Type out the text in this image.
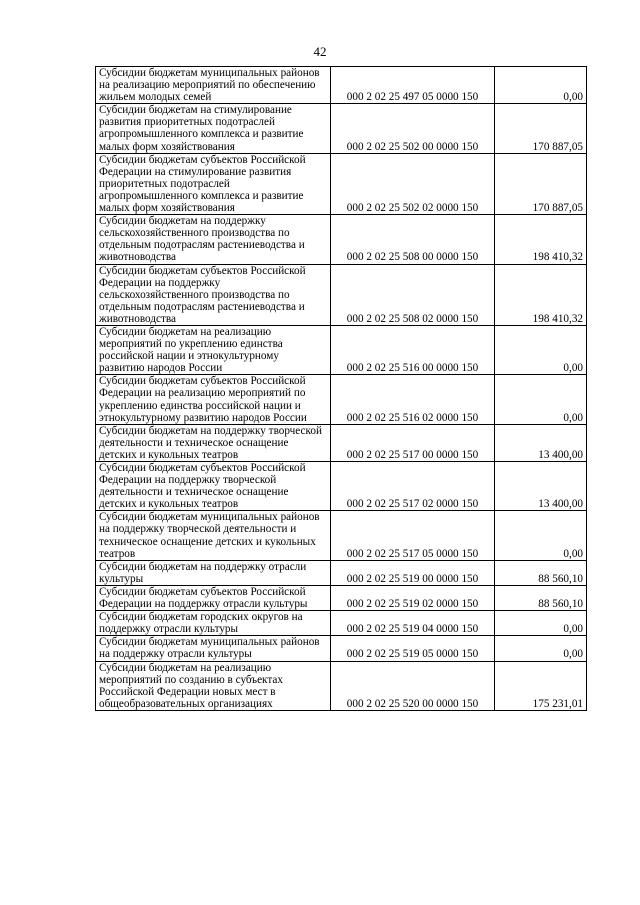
42
Субсидии бюджетам муниципальных районов на реализацию мероприятий по обеспечению жильем молодых семей	000 2 02 25 497 05 0000 150	0,00
Субсидии бюджетам на стимулирование развития приоритетных подотраслей агропромышленного комплекса и развитие малых форм хозяйствования	000 2 02 25 502 00 0000 150	170 887,05
Субсидии бюджетам субъектов Российской Федерации на стимулирование развития приоритетных подотраслей агропромышленного комплекса и развитие малых форм хозяйствования	000 2 02 25 502 02 0000 150	170 887,05
Субсидии бюджетам на поддержку сельскохозяйственного производства по отдельным подотраслям растениеводства и животноводства	000 2 02 25 508 00 0000 150	198 410,32
Субсидии бюджетам субъектов Российской Федерации на поддержку сельскохозяйственного производства по отдельным подотраслям растениеводства и животноводства	000 2 02 25 508 02 0000 150	198 410,32
Субсидии бюджетам на реализацию мероприятий по укреплению единства российской нации и этнокультурному развитию народов России	000 2 02 25 516 00 0000 150	0,00
Субсидии бюджетам субъектов Российской Федерации на реализацию мероприятий по укреплению единства российской нации и этнокультурному развитию народов России	000 2 02 25 516 02 0000 150	0,00
Субсидии бюджетам на поддержку творческой деятельности и техническое оснащение детских и кукольных театров	000 2 02 25 517 00 0000 150	13 400,00
Субсидии бюджетам субъектов Российской Федерации на поддержку творческой деятельности и техническое оснащение детских и кукольных театров	000 2 02 25 517 02 0000 150	13 400,00
Субсидии бюджетам муниципальных районов на поддержку творческой деятельности и техническое оснащение детских и кукольных театров	000 2 02 25 517 05 0000 150	0,00
Субсидии бюджетам на поддержку отрасли культуры	000 2 02 25 519 00 0000 150	88 560,10
Субсидии бюджетам субъектов Российской Федерации на поддержку отрасли культуры	000 2 02 25 519 02 0000 150	88 560,10
Субсидии бюджетам городских округов на поддержку отрасли культуры	000 2 02 25 519 04 0000 150	0,00
Субсидии бюджетам муниципальных районов на поддержку отрасли культуры	000 2 02 25 519 05 0000 150	0,00
Субсидии бюджетам на реализацию мероприятий по созданию в субъектах Российской Федерации новых мест в общеобразовательных организациях	000 2 02 25 520 00 0000 150	175 231,01
